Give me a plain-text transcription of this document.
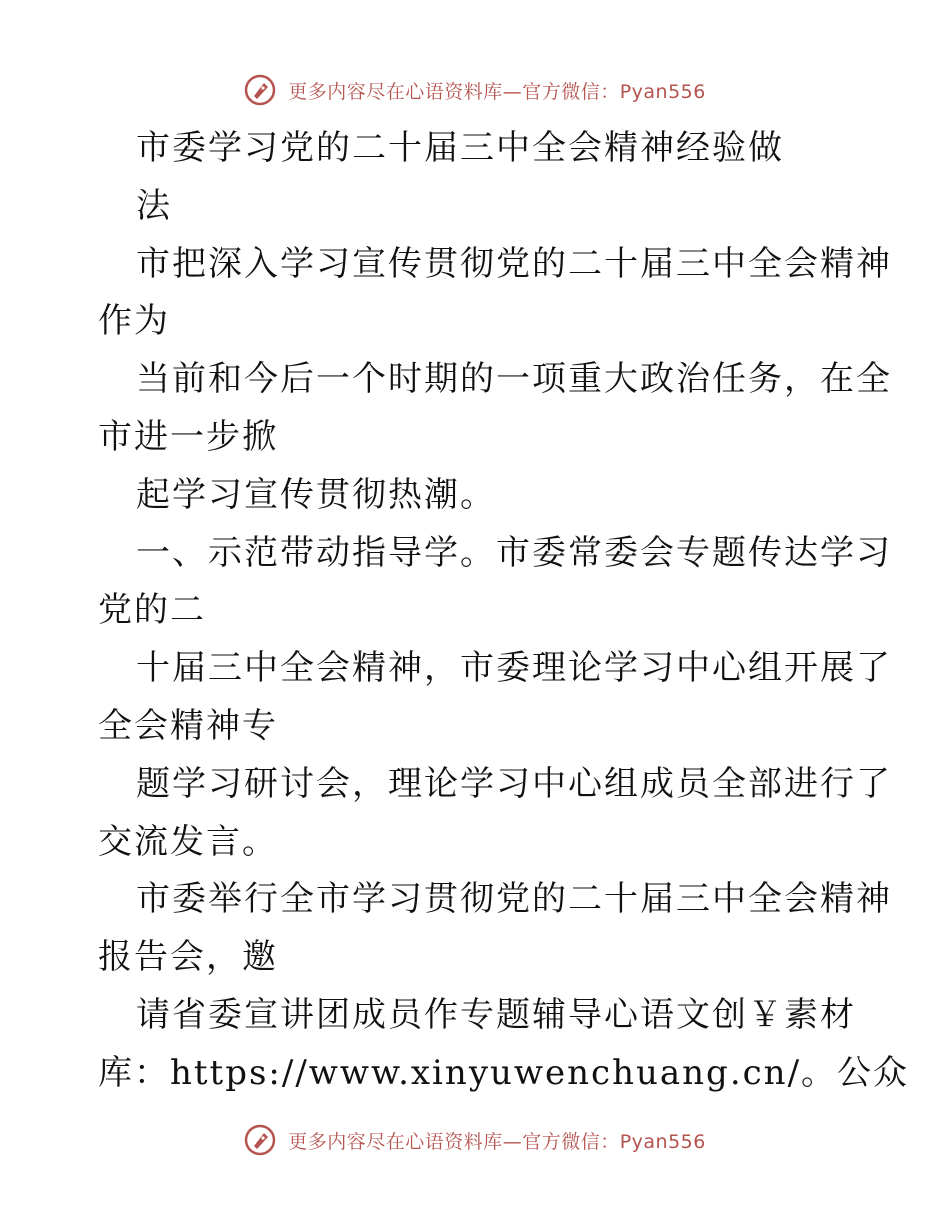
更多内容尽在心语资料库—官方微信：Pyan556
市委学习党的二十届三中全会精神经验做
法
市把深入学习宣传贯彻党的二十届三中全会精神
作为
当前和今后一个时期的一项重大政治任务，在全
市进一步掀
起学习宣传贯彻热潮。
一、示范带动指导学。市委常委会专题传达学习
党的二
十届三中全会精神，市委理论学习中心组开展了
全会精神专
题学习研讨会，理论学习中心组成员全部进行了
交流发言。
市委举行全市学习贯彻党的二十届三中全会精神
报告会，邀
请省委宣讲团成员作专题辅导心语文创￥素材
库：https://www.xinyuwenchuang.cn/。公众
更多内容尽在心语资料库—官方微信：Pyan556
